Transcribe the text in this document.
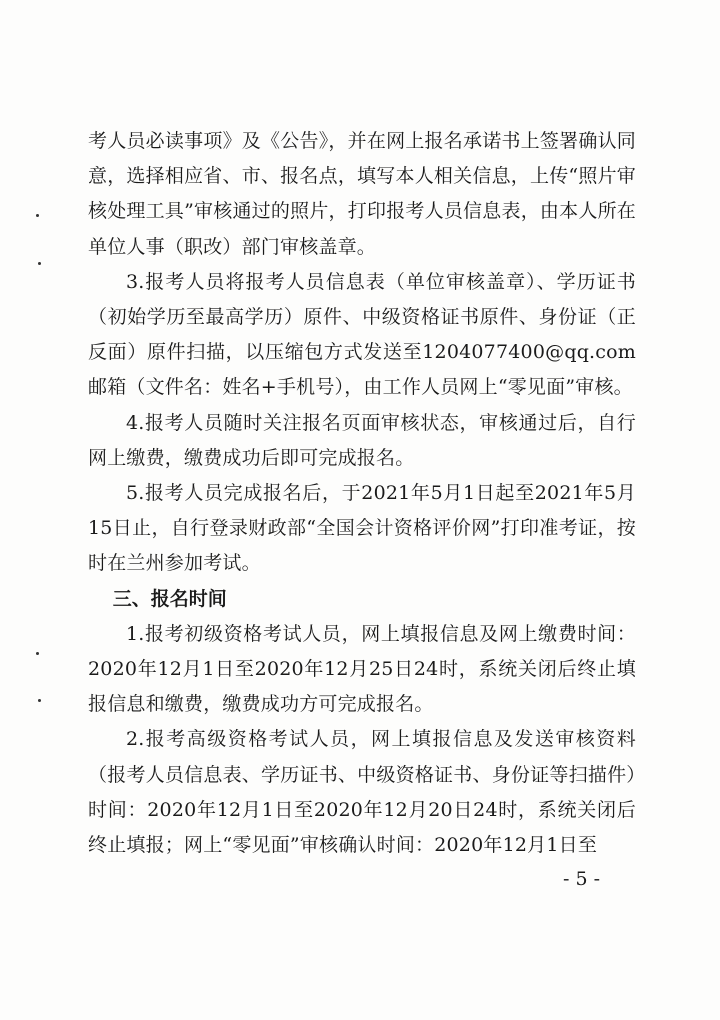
考人员必读事项》及《公告》，并在网上报名承诺书上签署确认同意，选择相应省、市、报名点，填写本人相关信息，上传“照片审核处理工具”审核通过的照片，打印报考人员信息表，由本人所在单位人事（职改）部门审核盖章。

3.报考人员将报考人员信息表（单位审核盖章）、学历证书（初始学历至最高学历）原件、中级资格证书原件、身份证（正反面）原件扫描，以压缩包方式发送至1204077400@qq.com邮箱（文件名：姓名+手机号），由工作人员网上“零见面”审核。

4.报考人员随时关注报名页面审核状态，审核通过后，自行网上缴费，缴费成功后即可完成报名。

5.报考人员完成报名后，于2021年5月1日起至2021年5月15日止，自行登录财政部“全国会计资格评价网”打印准考证，按时在兰州参加考试。

三、报名时间

1.报考初级资格考试人员，网上填报信息及网上缴费时间：2020年12月1日至2020年12月25日24时，系统关闭后终止填报信息和缴费，缴费成功方可完成报名。

2.报考高级资格考试人员，网上填报信息及发送审核资料（报考人员信息表、学历证书、中级资格证书、身份证等扫描件）时间：2020年12月1日至2020年12月20日24时，系统关闭后终止填报；网上“零见面”审核确认时间：2020年12月1日至

- 5 -
